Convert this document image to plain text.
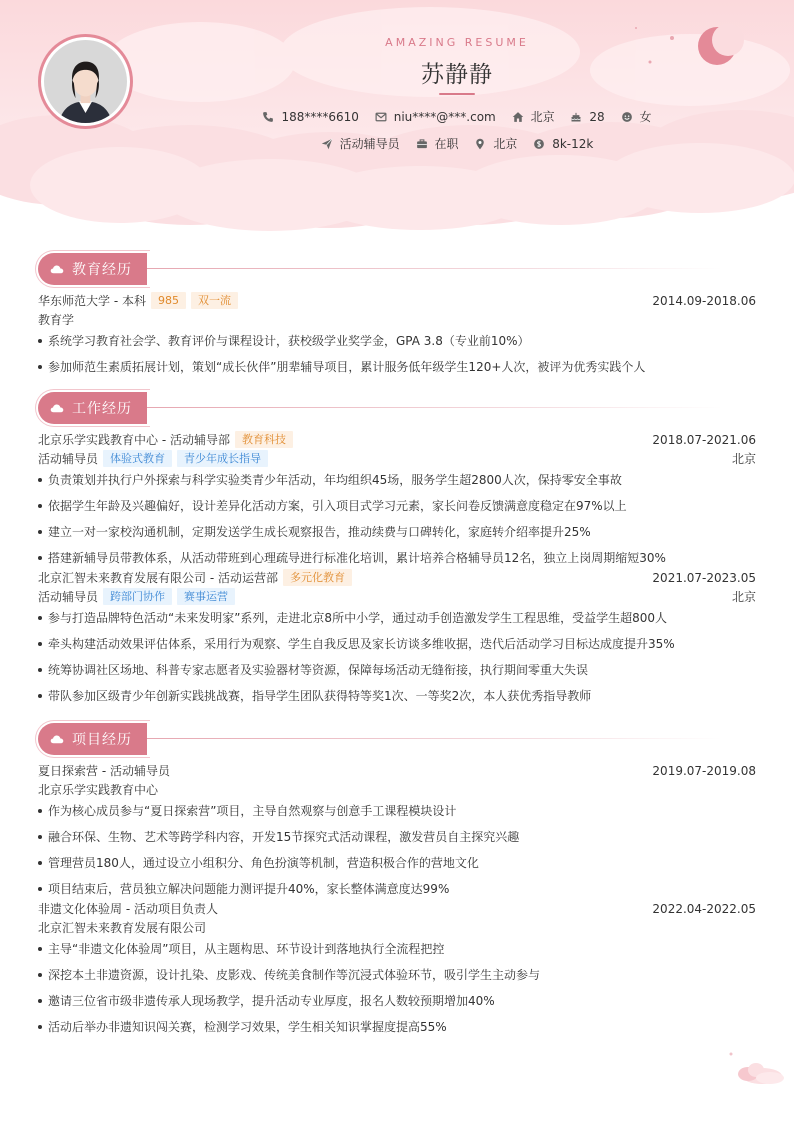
AMAZING RESUME
苏静静
188****6610
	niu****@***.com
	北京
	28
	女
活动辅导员
	在职
	北京
	8k-12k
教育经历
华东师范大学 - 本科	985	双一流	2014.09-2018.06
教育学
系统学习教育社会学、教育评价与课程设计，获校级学业奖学金，GPA 3.8（专业前10%）
参加师范生素质拓展计划，策划“成长伙伴”朋辈辅导项目，累计服务低年级学生120+人次，被评为优秀实践个人
工作经历
北京乐学实践教育中心 - 活动辅导部	教育科技	2018.07-2021.06
活动辅导员	体验式教育	青少年成长指导	北京
负责策划并执行户外探索与科学实验类青少年活动，年均组织45场，服务学生超2800人次，保持零安全事故
依据学生年龄及兴趣偏好，设计差异化活动方案，引入项目式学习元素，家长问卷反馈满意度稳定在97%以上
建立一对一家校沟通机制，定期发送学生成长观察报告，推动续费与口碑转化，家庭转介绍率提升25%
搭建新辅导员带教体系，从活动带班到心理疏导进行标准化培训，累计培养合格辅导员12名，独立上岗周期缩短30%
北京汇智未来教育发展有限公司 - 活动运营部	多元化教育	2021.07-2023.05
活动辅导员	跨部门协作	赛事运营	北京
参与打造品牌特色活动“未来发明家”系列，走进北京8所中小学，通过动手创造激发学生工程思维，受益学生超800人
牵头构建活动效果评估体系，采用行为观察、学生自我反思及家长访谈多维收据，迭代后活动学习目标达成度提升35%
统筹协调社区场地、科普专家志愿者及实验器材等资源，保障每场活动无缝衔接，执行期间零重大失误
带队参加区级青少年创新实践挑战赛，指导学生团队获得特等奖1次、一等奖2次，本人获优秀指导教师
项目经历
夏日探索营 - 活动辅导员	2019.07-2019.08
北京乐学实践教育中心
作为核心成员参与“夏日探索营”项目，主导自然观察与创意手工课程模块设计
融合环保、生物、艺术等跨学科内容，开发15节探究式活动课程，激发营员自主探究兴趣
管理营员180人，通过设立小组积分、角色扮演等机制，营造积极合作的营地文化
项目结束后，营员独立解决问题能力测评提升40%，家长整体满意度达99%
非遗文化体验周 - 活动项目负责人	2022.04-2022.05
北京汇智未来教育发展有限公司
主导“非遗文化体验周”项目，从主题构思、环节设计到落地执行全流程把控
深挖本土非遗资源，设计扎染、皮影戏、传统美食制作等沉浸式体验环节，吸引学生主动参与
邀请三位省市级非遗传承人现场教学，提升活动专业厚度，报名人数较预期增加40%
活动后举办非遗知识闯关赛，检测学习效果，学生相关知识掌握度提高55%
